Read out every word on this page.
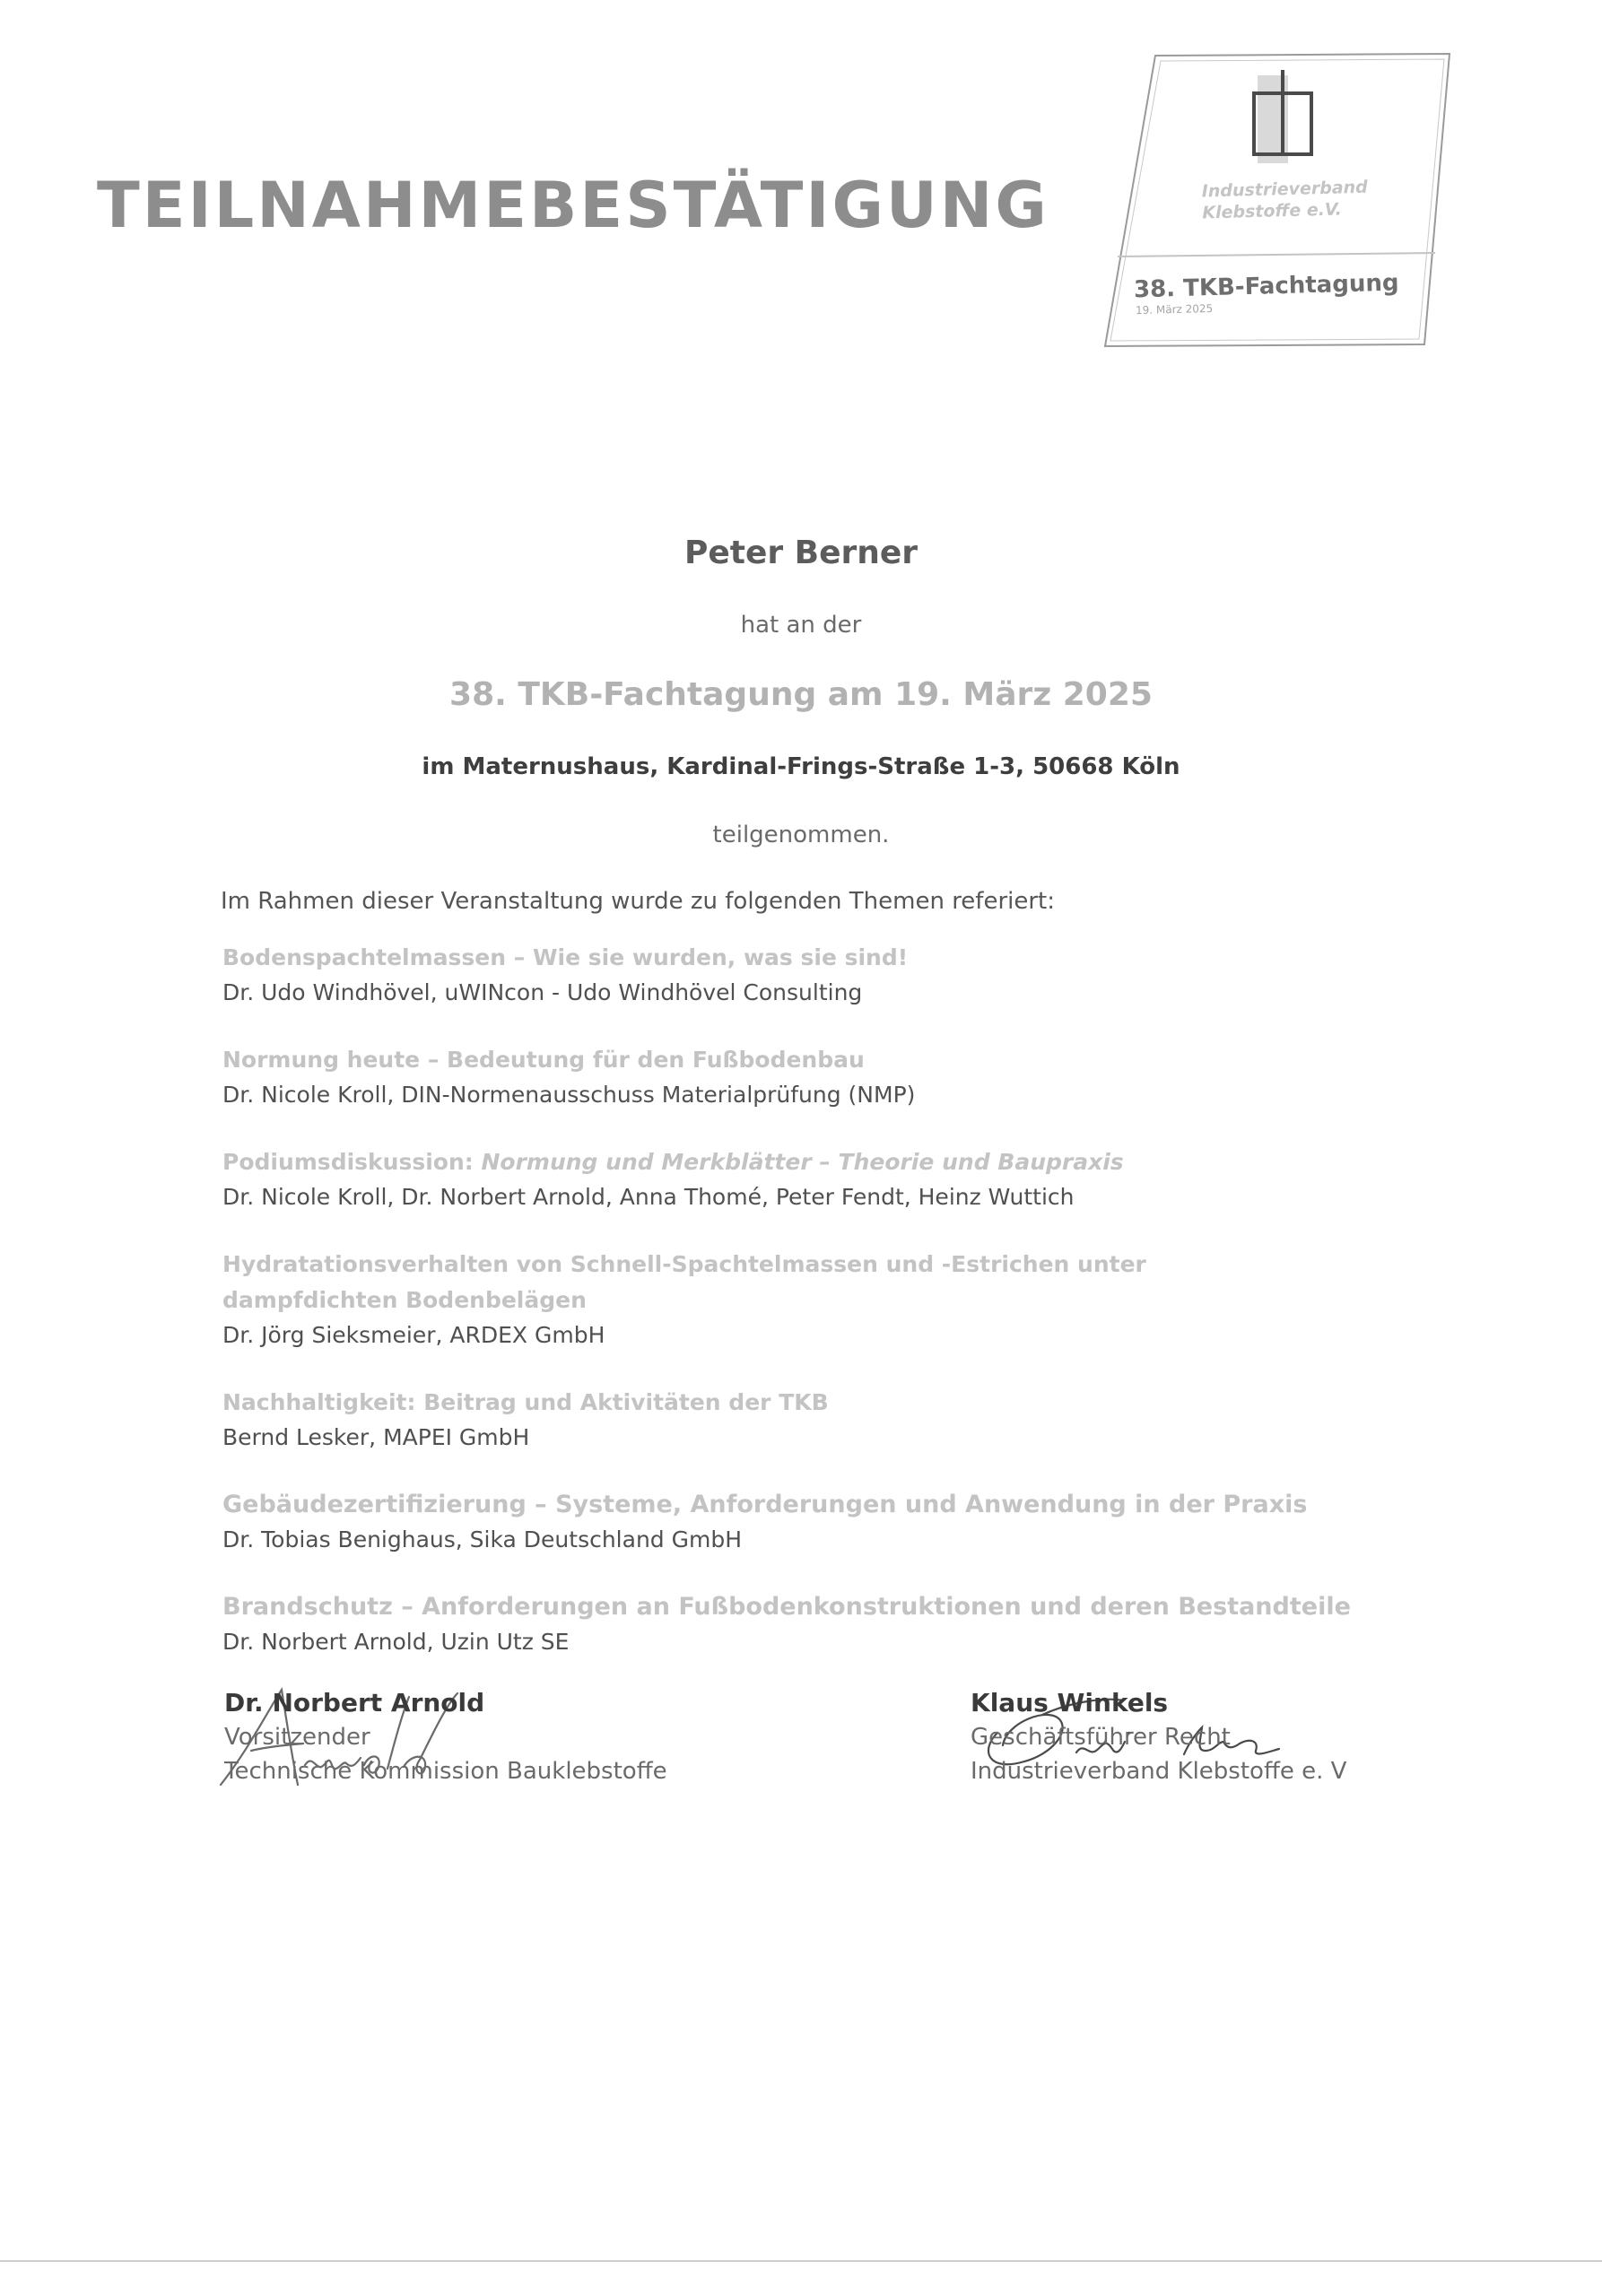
TEILNAHMEBESTÄTIGUNG	Industrieverband
Klebstoffe e.V.
38. TKB-Fachtagung
19. März 2025

Peter Berner

hat an der

38. TKB-Fachtagung am 19. März 2025

im Maternushaus, Kardinal-Frings-Straße 1-3, 50668 Köln

teilgenommen.

Im Rahmen dieser Veranstaltung wurde zu folgenden Themen referiert:

Bodenspachtelmassen – Wie sie wurden, was sie sind!
Dr. Udo Windhövel, uWINcon - Udo Windhövel Consulting
Normung heute – Bedeutung für den Fußbodenbau
Dr. Nicole Kroll, DIN-Normenausschuss Materialprüfung (NMP)
Podiumsdiskussion: Normung und Merkblätter – Theorie und Baupraxis
Dr. Nicole Kroll, Dr. Norbert Arnold, Anna Thomé, Peter Fendt, Heinz Wuttich
Hydratationsverhalten von Schnell-Spachtelmassen und -Estrichen unter dampfdichten Bodenbelägen
Dr. Jörg Sieksmeier, ARDEX GmbH
Nachhaltigkeit: Beitrag und Aktivitäten der TKB
Bernd Lesker, MAPEI GmbH
Gebäudezertifizierung – Systeme, Anforderungen und Anwendung in der Praxis
Dr. Tobias Benighaus, Sika Deutschland GmbH
Brandschutz – Anforderungen an Fußbodenkonstruktionen und deren Bestandteile
Dr. Norbert Arnold, Uzin Utz SE
Dr. Norbert Arnold
Vorsitzender
Technische Kommission Bauklebstoffe
Klaus Winkels
Geschäftsführer Recht
Industrieverband Klebstoffe e. V
